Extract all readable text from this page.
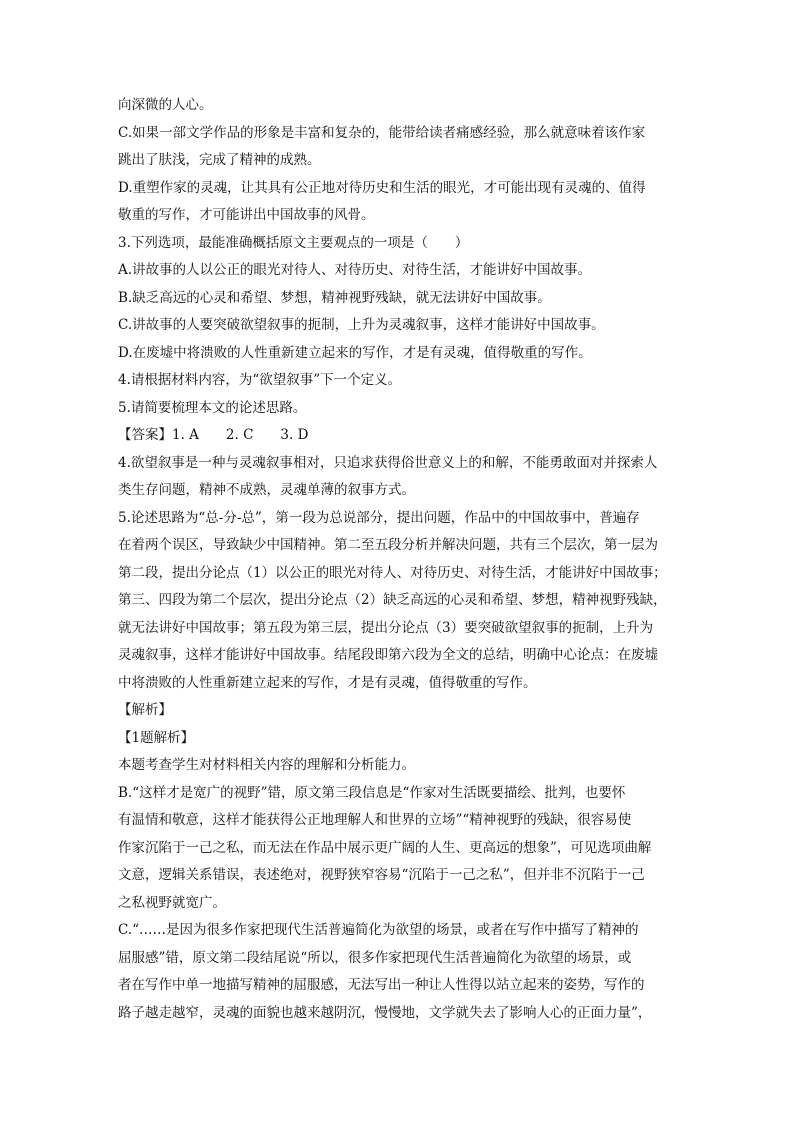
向深微的人心。
C.如果一部文学作品的形象是丰富和复杂的，能带给读者痛感经验，那么就意味着该作家
跳出了肤浅，完成了精神的成熟。
D.重塑作家的灵魂，让其具有公正地对待历史和生活的眼光，才可能出现有灵魂的、值得
敬重的写作，才可能讲出中国故事的风骨。
3.下列选项，最能准确概括原文主要观点的一项是（　　）
A.讲故事的人以公正的眼光对待人、对待历史、对待生活，才能讲好中国故事。
B.缺乏高远的心灵和希望、梦想，精神视野残缺，就无法讲好中国故事。
C.讲故事的人要突破欲望叙事的扼制，上升为灵魂叙事，这样才能讲好中国故事。
D.在废墟中将溃败的人性重新建立起来的写作，才是有灵魂，值得敬重的写作。
4.请根据材料内容，为“欲望叙事”下一个定义。
5.请简要梳理本文的论述思路。
【答案】1. A　　2. C　　3. D
4.欲望叙事是一种与灵魂叙事相对，只追求获得俗世意义上的和解，不能勇敢面对并探索人
类生存问题，精神不成熟，灵魂单薄的叙事方式。
5.论述思路为“总-分-总”，第一段为总说部分，提出问题，作品中的中国故事中，普遍存
在着两个误区，导致缺少中国精神。第二至五段分析并解决问题，共有三个层次，第一层为
第二段，提出分论点（1）以公正的眼光对待人、对待历史、对待生活，才能讲好中国故事；
第三、四段为第二个层次，提出分论点（2）缺乏高远的心灵和希望、梦想，精神视野残缺，
就无法讲好中国故事；第五段为第三层，提出分论点（3）要突破欲望叙事的扼制，上升为
灵魂叙事，这样才能讲好中国故事。结尾段即第六段为全文的总结，明确中心论点：在废墟
中将溃败的人性重新建立起来的写作，才是有灵魂，值得敬重的写作。
【解析】
【1题解析】
本题考查学生对材料相关内容的理解和分析能力。
B.“这样才是宽广的视野”错，原文第三段信息是“作家对生活既要描绘、批判，也要怀
有温情和敬意，这样才能获得公正地理解人和世界的立场”“精神视野的残缺，很容易使
作家沉陷于一己之私，而无法在作品中展示更广阔的人生、更高远的想象”，可见选项曲解
文意，逻辑关系错误，表述绝对，视野狭窄容易“沉陷于一己之私”，但并非不沉陷于一己
之私视野就宽广。
C.“……是因为很多作家把现代生活普遍简化为欲望的场景，或者在写作中描写了精神的
屈服感”错，原文第二段结尾说“所以，很多作家把现代生活普遍简化为欲望的场景，或
者在写作中单一地描写精神的屈服感，无法写出一种让人性得以站立起来的姿势，写作的
路子越走越窄，灵魂的面貌也越来越阴沉，慢慢地，文学就失去了影响人心的正面力量”，
